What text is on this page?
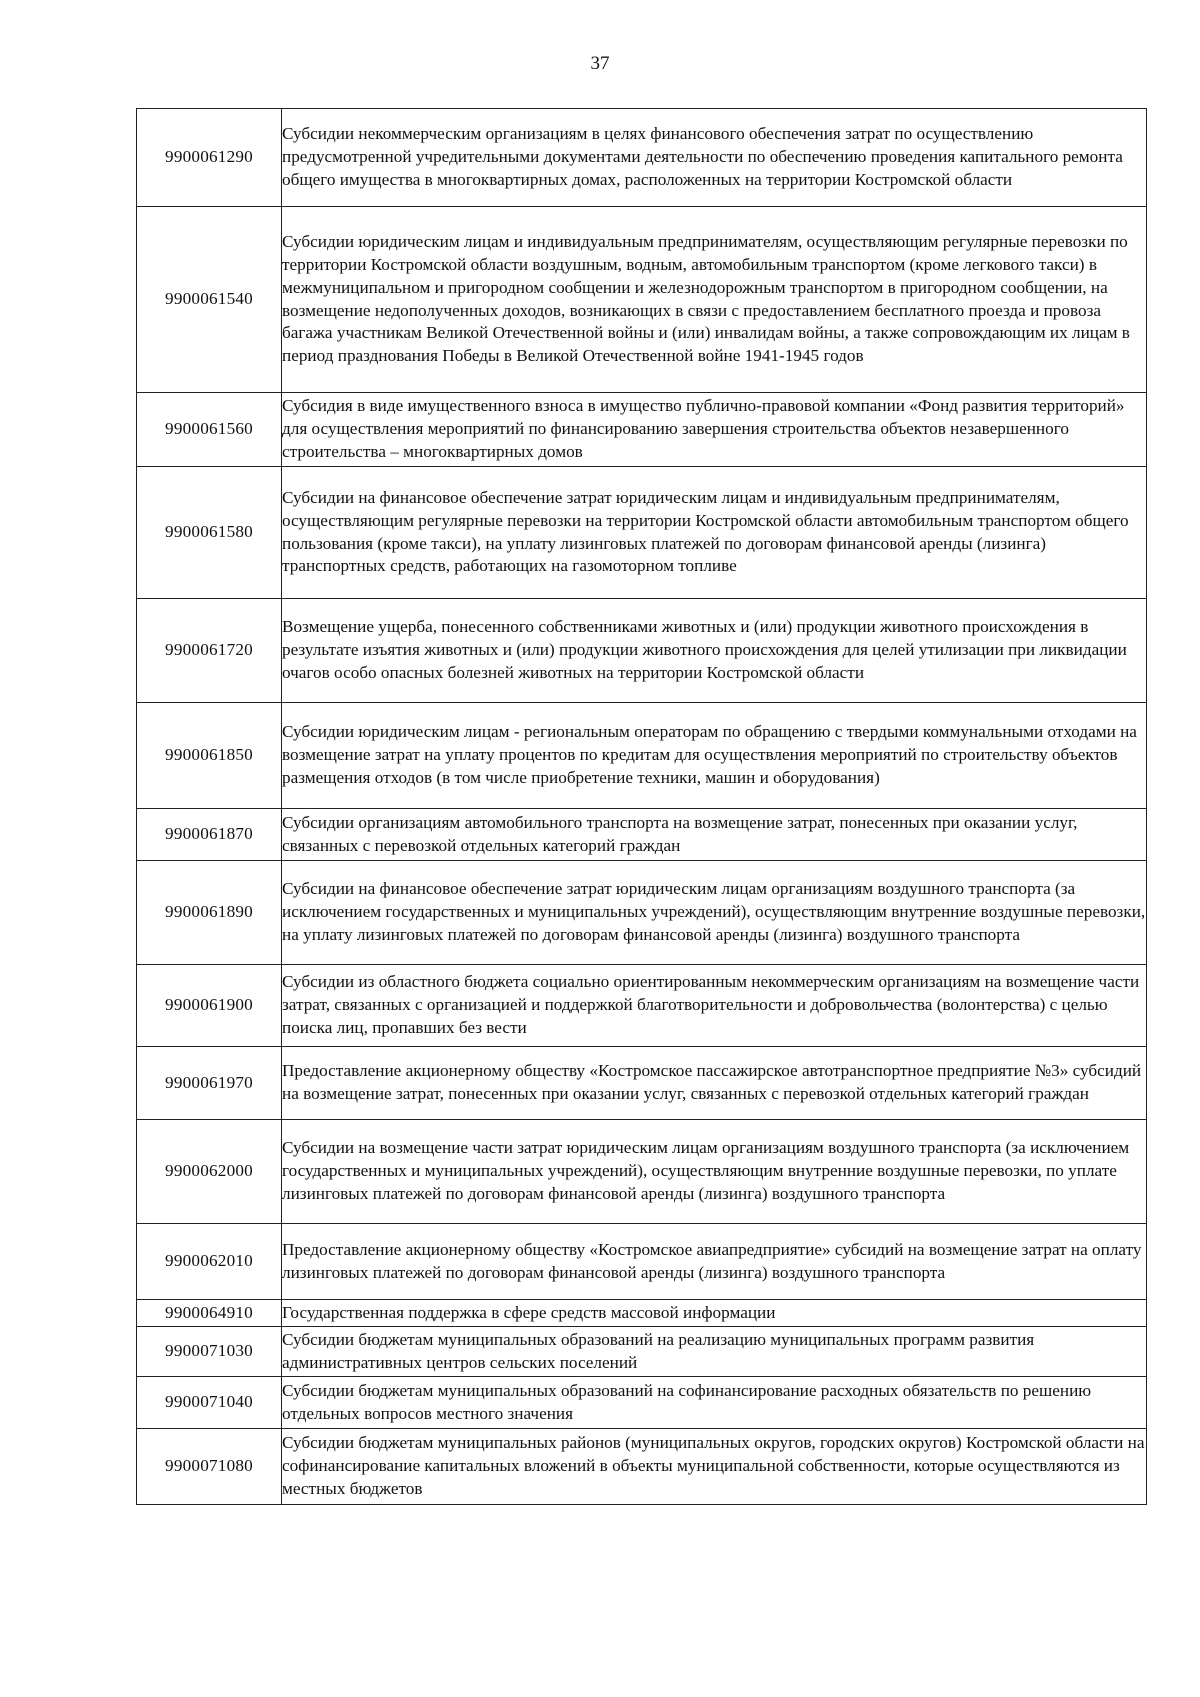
37
9900061290	Субсидии некоммерческим организациям в целях финансового обеспечения затрат по осуществлению предусмотренной учредительными документами деятельности по обеспечению проведения капитального ремонта общего имущества в многоквартирных домах, расположенных на территории Костромской области
9900061540	Субсидии юридическим лицам и индивидуальным предпринимателям, осуществляющим регулярные перевозки по территории Костромской области воздушным, водным, автомобильным транспортом (кроме легкового такси) в межмуниципальном и пригородном сообщении и железнодорожным транспортом в пригородном сообщении, на возмещение недополученных доходов, возникающих в связи с предоставлением бесплатного проезда и провоза багажа участникам Великой Отечественной войны и (или) инвалидам войны, а также сопровождающим их лицам в период празднования Победы в Великой Отечественной войне 1941-1945 годов
9900061560	Субсидия в виде имущественного взноса в имущество публично-правовой компании «Фонд развития территорий» для осуществления мероприятий по финансированию завершения строительства объектов незавершенного строительства – многоквартирных домов
9900061580	Субсидии на финансовое обеспечение затрат юридическим лицам и индивидуальным предпринимателям, осуществляющим регулярные перевозки на территории Костромской области автомобильным транспортом общего пользования (кроме такси), на уплату лизинговых платежей по договорам финансовой аренды (лизинга) транспортных средств, работающих на газомоторном топливе
9900061720	Возмещение ущерба, понесенного собственниками животных и (или) продукции животного происхождения в результате изъятия животных и (или) продукции животного происхождения для целей утилизации при ликвидации очагов особо опасных болезней животных на территории Костромской области
9900061850	Субсидии юридическим лицам - региональным операторам по обращению с твердыми коммунальными отходами на возмещение затрат на уплату процентов по кредитам для осуществления мероприятий по строительству объектов размещения отходов (в том числе приобретение техники, машин и оборудования)
9900061870	Субсидии организациям автомобильного транспорта на возмещение затрат, понесенных при оказании услуг, связанных с перевозкой отдельных категорий граждан
9900061890	Субсидии на финансовое обеспечение затрат юридическим лицам организациям воздушного транспорта (за исключением государственных и муниципальных учреждений), осуществляющим внутренние воздушные перевозки, на уплату лизинговых платежей по договорам финансовой аренды (лизинга) воздушного транспорта
9900061900	Субсидии из областного бюджета социально ориентированным некоммерческим организациям на возмещение части затрат, связанных с организацией и поддержкой благотворительности и добровольчества (волонтерства) с целью поиска лиц, пропавших без вести
9900061970	Предоставление акционерному обществу «Костромское пассажирское автотранспортное предприятие №3» субсидий на возмещение затрат, понесенных при оказании услуг, связанных с перевозкой отдельных категорий граждан
9900062000	Субсидии на возмещение части затрат юридическим лицам организациям воздушного транспорта (за исключением государственных и муниципальных учреждений), осуществляющим внутренние воздушные перевозки, по уплате лизинговых платежей по договорам финансовой аренды (лизинга) воздушного транспорта
9900062010	Предоставление акционерному обществу «Костромское авиапредприятие» субсидий на возмещение затрат на оплату лизинговых платежей по договорам финансовой аренды (лизинга) воздушного транспорта
9900064910	Государственная поддержка в сфере средств массовой информации
9900071030	Субсидии бюджетам муниципальных образований на реализацию муниципальных программ развития административных центров сельских поселений
9900071040	Субсидии бюджетам муниципальных образований на софинансирование расходных обязательств по решению отдельных вопросов местного значения
9900071080	Субсидии бюджетам муниципальных районов (муниципальных округов, городских округов) Костромской области на софинансирование капитальных вложений в объекты муниципальной собственности, которые осуществляются из местных бюджетов
